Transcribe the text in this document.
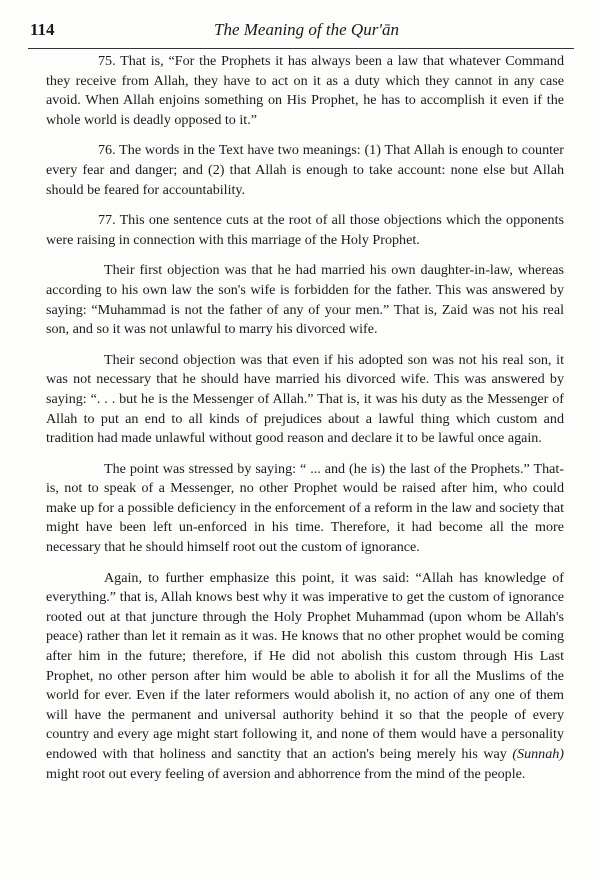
114	The Meaning of the Qur'ān

75. That is, “For the Prophets it has always been a law that whatever Command they receive from Allah, they have to act on it as a duty which they cannot in any case avoid. When Allah enjoins something on His Prophet, he has to accomplish it even if the whole world is deadly opposed to it.”

76. The words in the Text have two meanings: (1) That Allah is enough to counter every fear and danger; and (2) that Allah is enough to take account: none else but Allah should be feared for accountability.

77. This one sentence cuts at the root of all those objections which the opponents were raising in connection with this marriage of the Holy Prophet.

Their first objection was that he had married his own daughter-in-law, whereas according to his own law the son's wife is forbidden for the father. This was answered by saying: “Muhammad is not the father of any of your men.” That is, Zaid was not his real son, and so it was not unlawful to marry his divorced wife.

Their second objection was that even if his adopted son was not his real son, it was not necessary that he should have married his divorced wife. This was answered by saying: “. . . but he is the Messenger of Allah.” That is, it was his duty as the Messenger of Allah to put an end to all kinds of prejudices about a lawful thing which custom and tradition had made unlawful without good reason and declare it to be lawful once again.

The point was stressed by saying: “ ... and (he is) the last of the Prophets.” That-is, not to speak of a Messenger, no other Prophet would be raised after him, who could make up for a possible deficiency in the enforcement of a reform in the law and society that might have been left un-enforced in his time. Therefore, it had become all the more necessary that he should himself root out the custom of ignorance.

Again, to further emphasize this point, it was said: “Allah has knowledge of everything.” that is, Allah knows best why it was imperative to get the custom of ignorance rooted out at that juncture through the Holy Prophet Muhammad (upon whom be Allah's peace) rather than let it remain as it was. He knows that no other prophet would be coming after him in the future; therefore, if He did not abolish this custom through His Last Prophet, no other person after him would be able to abolish it for all the Muslims of the world for ever. Even if the later reformers would abolish it, no action of any one of them will have the permanent and universal authority behind it so that the people of every country and every age might start following it, and none of them would have a personality endowed with that holiness and sanctity that an action's being merely his way (Sunnah) might root out every feeling of aversion and abhorrence from the mind of the people.
